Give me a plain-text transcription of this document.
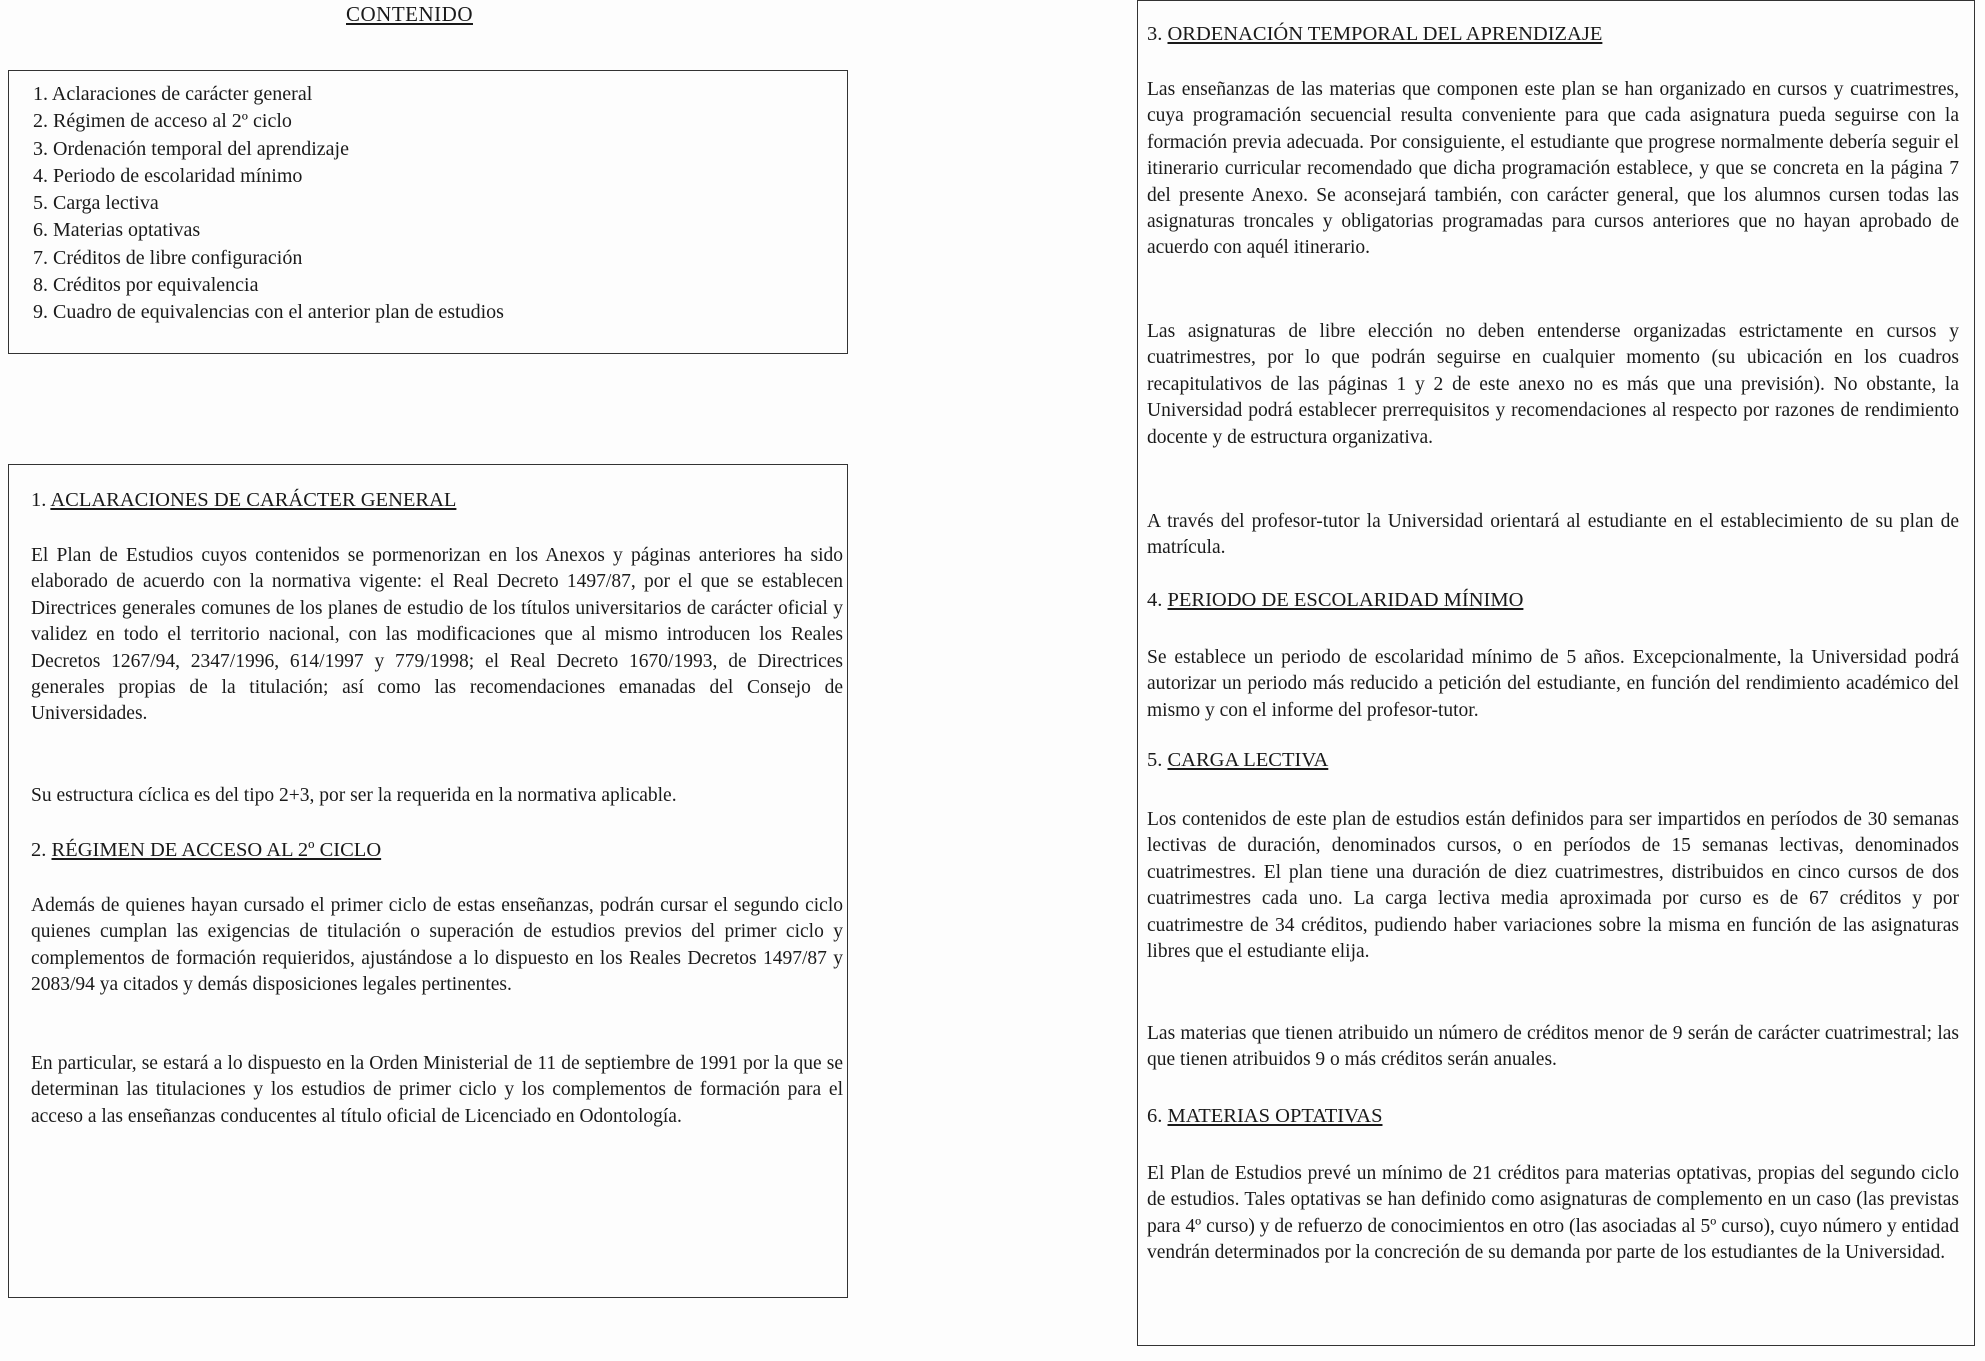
CONTENIDO
1. Aclaraciones de carácter general
2. Régimen de acceso al 2º ciclo
3. Ordenación temporal del aprendizaje
4. Periodo de escolaridad mínimo
5. Carga lectiva
6. Materias optativas
7. Créditos de libre configuración
8. Créditos por equivalencia
9. Cuadro de equivalencias con el anterior plan de estudios
1. ACLARACIONES DE CARÁCTER GENERAL
El Plan de Estudios cuyos contenidos se pormenorizan en los Anexos y páginas anteriores ha sido elaborado de acuerdo con la normativa vigente: el Real Decreto 1497/87, por el que se establecen Directrices generales comunes de los planes de estudio de los títulos universitarios de carácter oficial y validez en todo el territorio nacional, con las modificaciones que al mismo introducen los Reales Decretos 1267/94, 2347/1996, 614/1997 y 779/1998; el Real Decreto 1670/1993, de Directrices generales propias de la titulación; así como las recomendaciones emanadas del Consejo de Universidades.
Su estructura cíclica es del tipo 2+3, por ser la requerida en la normativa aplicable.
2. RÉGIMEN DE ACCESO AL 2º CICLO
Además de quienes hayan cursado el primer ciclo de estas enseñanzas, podrán cursar el segundo ciclo quienes cumplan las exigencias de titulación o superación de estudios previos del primer ciclo y complementos de formación requieridos, ajustándose a lo dispuesto en los Reales Decretos 1497/87 y 2083/94 ya citados y demás disposiciones legales pertinentes.
En particular, se estará a lo dispuesto en la Orden Ministerial de 11 de septiembre de 1991 por la que se determinan las titulaciones y los estudios de primer ciclo y los complementos de formación para el acceso a las enseñanzas conducentes al título oficial de Licenciado en Odontología.
3. ORDENACIÓN TEMPORAL DEL APRENDIZAJE
Las enseñanzas de las materias que componen este plan se han organizado en cursos y cuatrimestres, cuya programación secuencial resulta conveniente para que cada asignatura pueda seguirse con la formación previa adecuada. Por consiguiente, el estudiante que progrese normalmente debería seguir el itinerario curricular recomendado que dicha programación establece, y que se concreta en la página 7 del presente Anexo. Se aconsejará también, con carácter general, que los alumnos cursen todas las asignaturas troncales y obligatorias programadas para cursos anteriores que no hayan aprobado de acuerdo con aquél itinerario.
Las asignaturas de libre elección no deben entenderse organizadas estrictamente en cursos y cuatrimestres, por lo que podrán seguirse en cualquier momento (su ubicación en los cuadros recapitulativos de las páginas 1 y 2 de este anexo no es más que una previsión). No obstante, la Universidad podrá establecer prerrequisitos y recomendaciones al respecto por razones de rendimiento docente y de estructura organizativa.
A través del profesor-tutor la Universidad orientará al estudiante en el establecimiento de su plan de matrícula.
4. PERIODO DE ESCOLARIDAD MÍNIMO
Se establece un periodo de escolaridad mínimo de 5 años. Excepcionalmente, la Universidad podrá autorizar un periodo más reducido a petición del estudiante, en función del rendimiento académico del mismo y con el informe del profesor-tutor.
5. CARGA LECTIVA
Los contenidos de este plan de estudios están definidos para ser impartidos en períodos de 30 semanas lectivas de duración, denominados cursos, o en períodos de 15 semanas lectivas, denominados cuatrimestres. El plan tiene una duración de diez cuatrimestres, distribuidos en cinco cursos de dos cuatrimestres cada uno. La carga lectiva media aproximada por curso es de 67 créditos y por cuatrimestre de 34 créditos, pudiendo haber variaciones sobre la misma en función de las asignaturas libres que el estudiante elija.
Las materias que tienen atribuido un número de créditos menor de 9 serán de carácter cuatrimestral; las que tienen atribuidos 9 o más créditos serán anuales.
6. MATERIAS OPTATIVAS
El Plan de Estudios prevé un mínimo de 21 créditos para materias optativas, propias del segundo ciclo de estudios. Tales optativas se han definido como asignaturas de complemento en un caso (las previstas para 4º curso) y de refuerzo de conocimientos en otro (las asociadas al 5º curso), cuyo número y entidad vendrán determinados por la concreción de su demanda por parte de los estudiantes de la Universidad.
